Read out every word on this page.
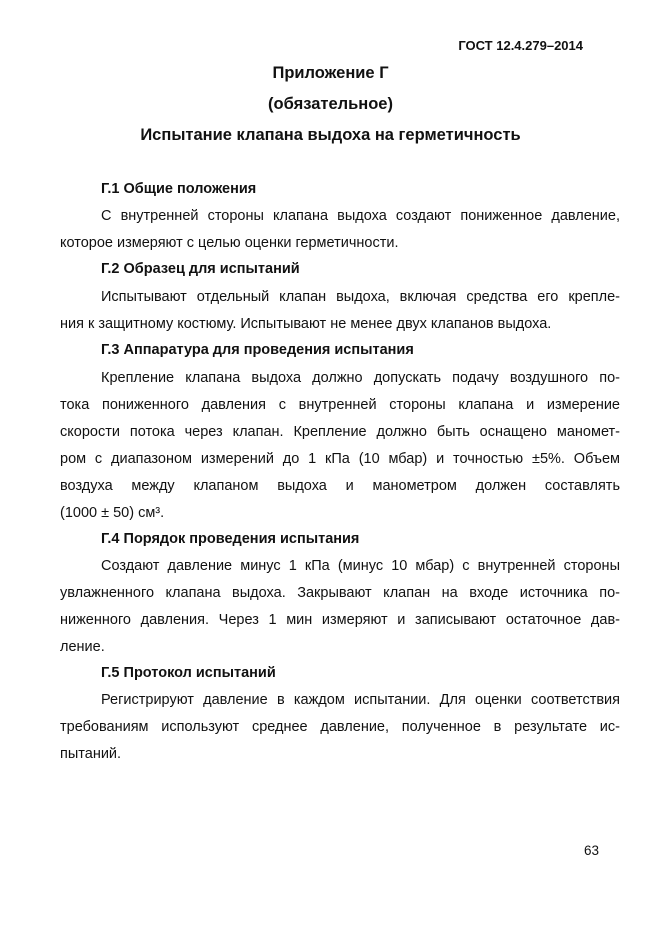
ГОСТ 12.4.279–2014
Приложение Г
(обязательное)
Испытание клапана выдоха на герметичность
Г.1 Общие положения
С внутренней стороны клапана выдоха создают пониженное давление,
которое измеряют с целью оценки герметичности.
Г.2 Образец для испытаний
Испытывают отдельный клапан выдоха, включая средства его крепле-
ния к защитному костюму. Испытывают не менее двух клапанов выдоха.
Г.3 Аппаратура для проведения испытания
Крепление клапана выдоха должно допускать подачу воздушного по-
тока пониженного давления с внутренней стороны клапана и измерение
скорости потока через клапан. Крепление должно быть оснащено маномет-
ром с диапазоном измерений до 1 кПа (10 мбар) и точностью ±5%. Объем
воздуха между клапаном выдоха и манометром должен составлять
(1000 ± 50) см³.
Г.4 Порядок проведения испытания
Создают давление минус 1 кПа (минус 10 мбар) с внутренней стороны
увлажненного клапана выдоха. Закрывают клапан на входе источника по-
ниженного давления. Через 1 мин измеряют и записывают остаточное дав-
ление.
Г.5 Протокол испытаний
Регистрируют давление в каждом испытании. Для оценки соответствия
требованиям используют среднее давление, полученное в результате ис-
пытаний.
63
